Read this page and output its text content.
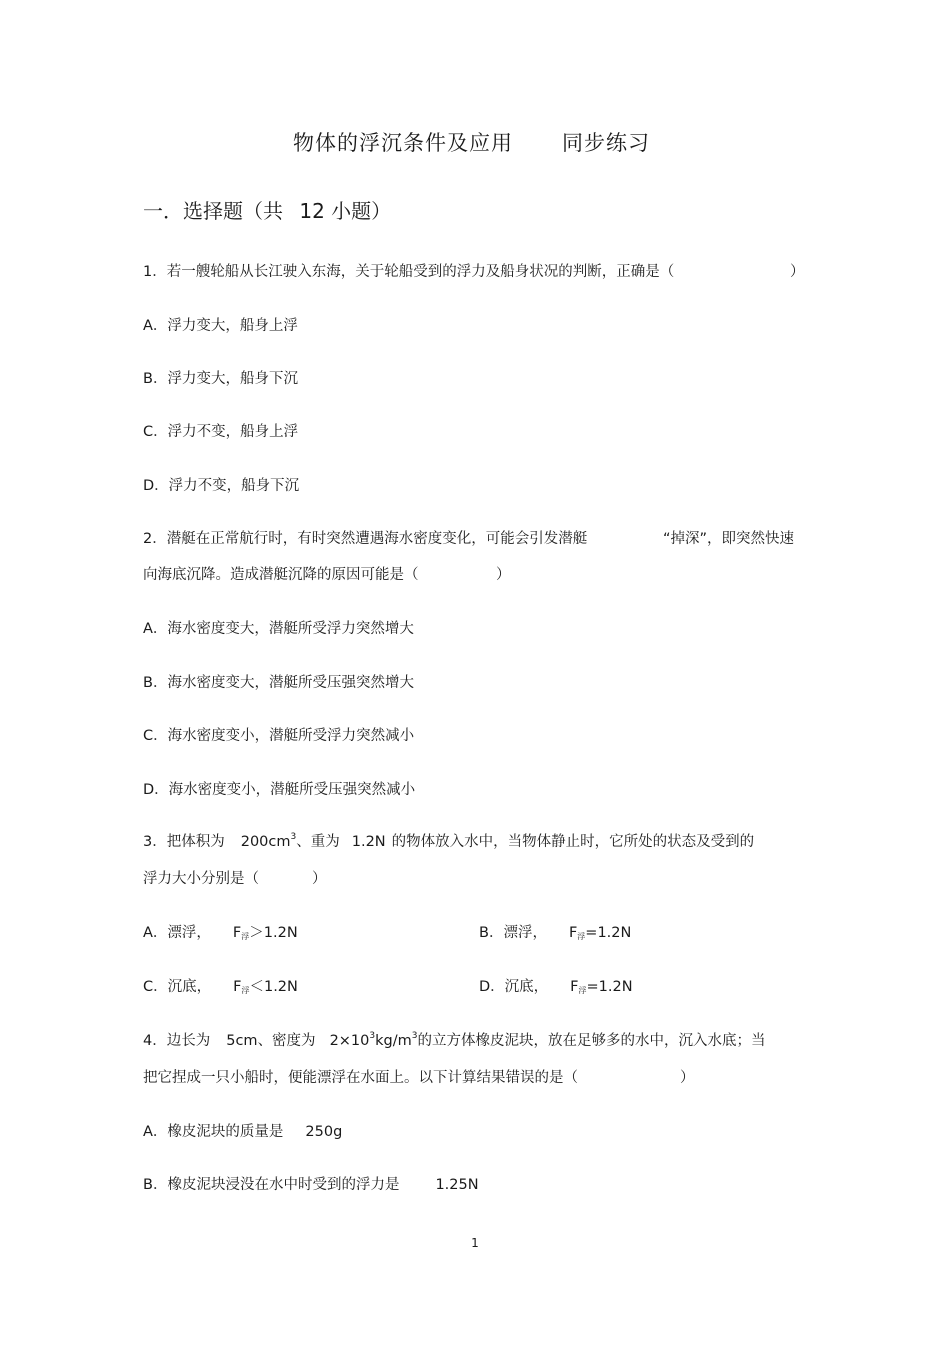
物体的浮沉条件及应用 同步练习
一．选择题（共 12 小题）
1．若一艘轮船从长江驶入东海，关于轮船受到的浮力及船身状况的判断，正确是（	）
A．浮力变大，船身上浮
B．浮力变大，船身下沉
C．浮力不变，船身上浮
D．浮力不变，船身下沉
2．潜艇在正常航行时，有时突然遭遇海水密度变化，可能会引发潜艇	“掉深”，即突然快速
向海底沉降。造成潜艇沉降的原因可能是（	）
A．海水密度变大，潜艇所受浮力突然增大
B．海水密度变大，潜艇所受压强突然增大
C．海水密度变小，潜艇所受浮力突然减小
D．海水密度变小，潜艇所受压强突然减小
3．把体积为 $200cm^3$、重为 1.2N 的物体放入水中，当物体静止时，它所处的状态及受到的
浮力大小分别是（	）
A．漂浮， $F_浮>1.2N$	B．漂浮， $F_浮=1.2N$
C．沉底， $F_浮<1.2N$	D．沉底， $F_浮=1.2N$
4．边长为 5cm、密度为 $2\times 10^3kg/m^3$的立方体橡皮泥块，放在足够多的水中，沉入水底；当
把它捏成一只小船时，便能漂浮在水面上。以下计算结果错误的是（	）
A．橡皮泥块的质量是 250g
B．橡皮泥块浸没在水中时受到的浮力是 1.25N
1
